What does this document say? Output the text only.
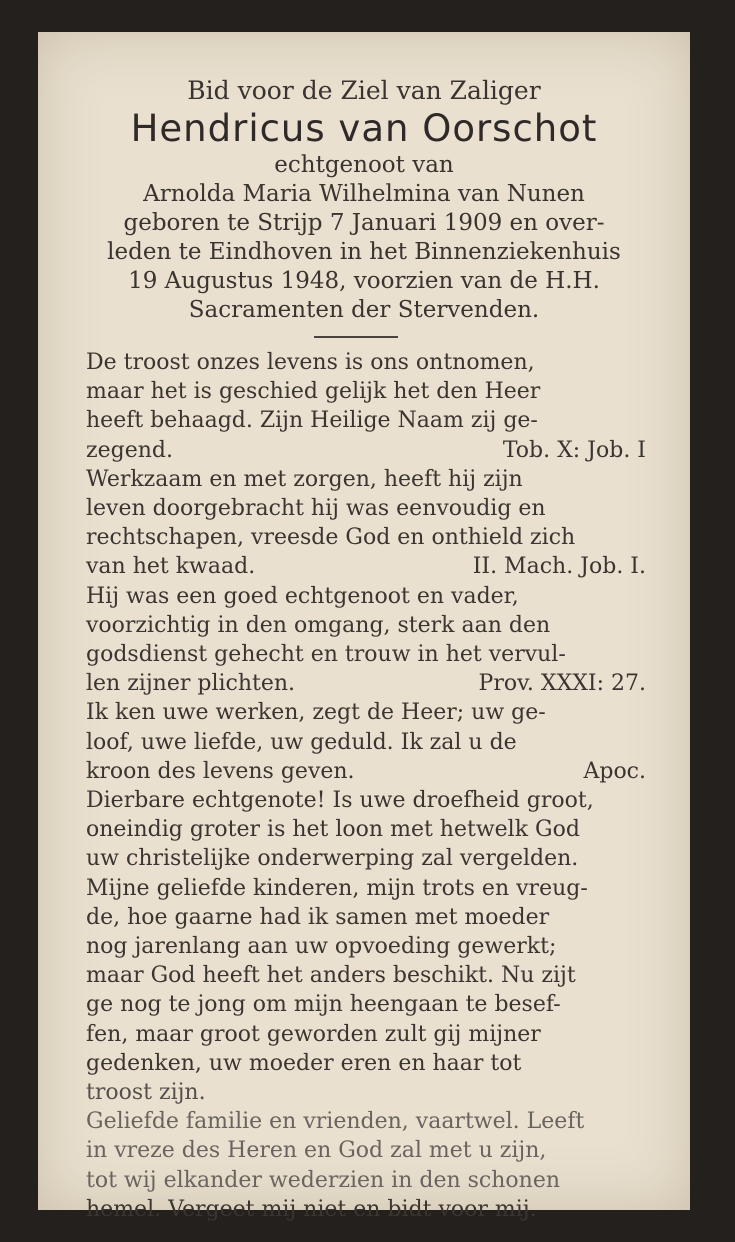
Bid voor de Ziel van Zaliger
Hendricus van Oorschot
echtgenoot van
Arnolda Maria Wilhelmina van Nunen
geboren te Strijp 7 Januari 1909 en over-
leden te Eindhoven in het Binnenziekenhuis
19 Augustus 1948, voorzien van de H.H.
Sacramenten der Stervenden.
De troost onzes levens is ons ontnomen,
maar het is geschied gelijk het den Heer
heeft behaagd. Zijn Heilige Naam zij ge-
zegend.	Tob. X: Job. I
Werkzaam en met zorgen, heeft hij zijn
leven doorgebracht hij was eenvoudig en
rechtschapen, vreesde God en onthield zich
van het kwaad.	II. Mach. Job. I.
Hij was een goed echtgenoot en vader,
voorzichtig in den omgang, sterk aan den
godsdienst gehecht en trouw in het vervul-
len zijner plichten.	Prov. XXXI: 27.
Ik ken uwe werken, zegt de Heer; uw ge-
loof, uwe liefde, uw geduld. Ik zal u de
kroon des levens geven.	Apoc.
Dierbare echtgenote! Is uwe droefheid groot,
oneindig groter is het loon met hetwelk God
uw christelijke onderwerping zal vergelden.
Mijne geliefde kinderen, mijn trots en vreug-
de, hoe gaarne had ik samen met moeder
nog jarenlang aan uw opvoeding gewerkt;
maar God heeft het anders beschikt. Nu zijt
ge nog te jong om mijn heengaan te besef-
fen, maar groot geworden zult gij mijner
gedenken, uw moeder eren en haar tot
troost zijn.
Geliefde familie en vrienden, vaartwel. Leeft
in vreze des Heren en God zal met u zijn,
tot wij elkander wederzien in den schonen
hemel. Vergeet mij niet en bidt voor mij.
